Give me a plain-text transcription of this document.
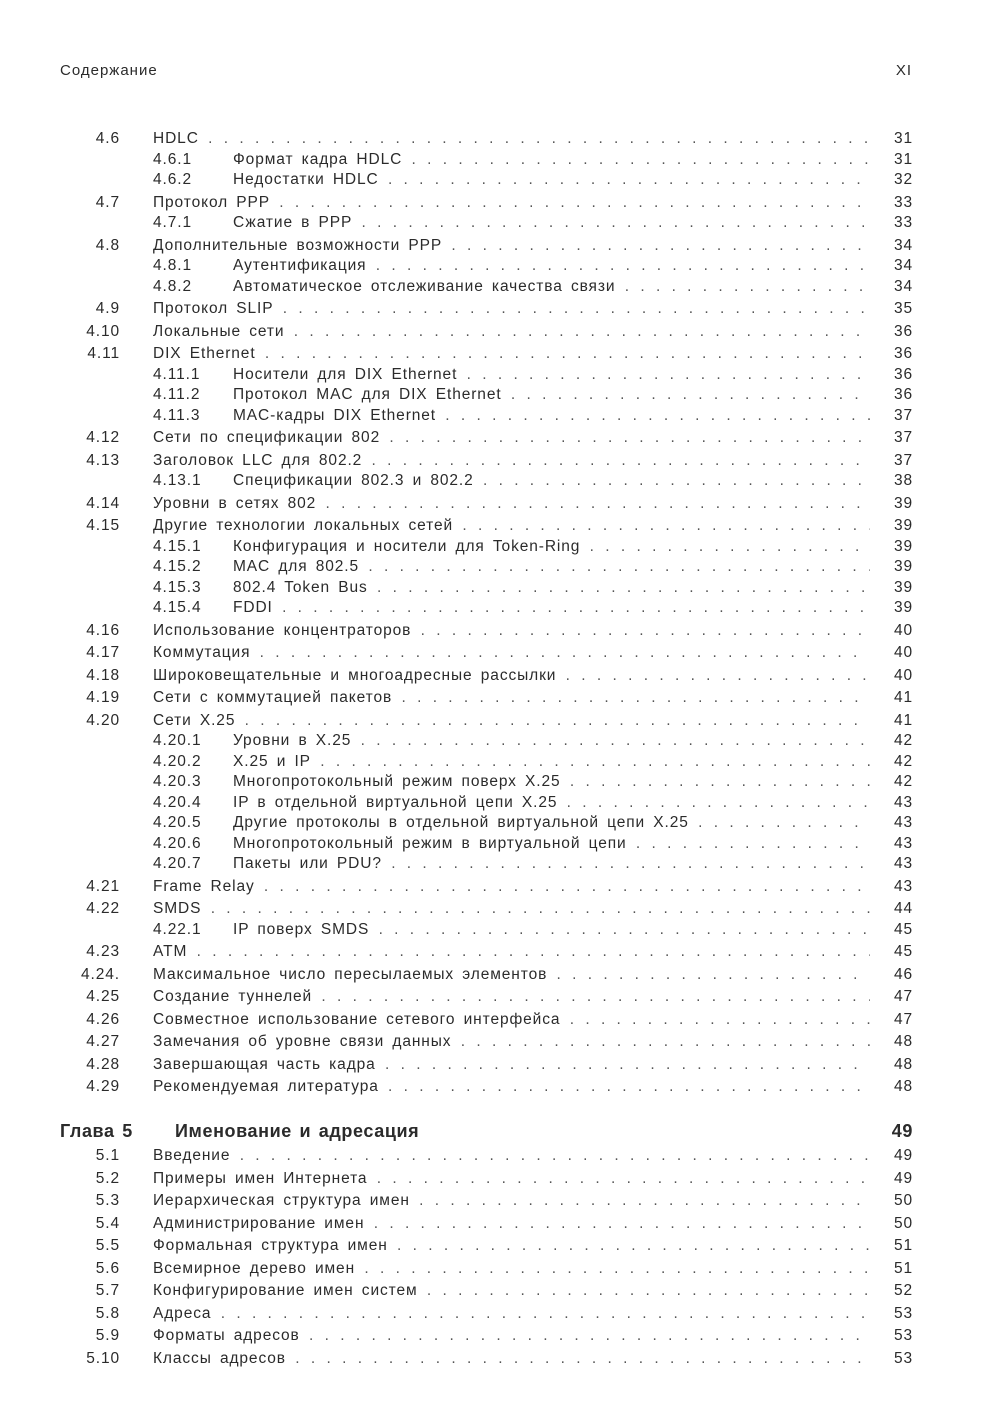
Содержание	XI
4.6 HDLC . .	31
4.6.1	Формат кадра HDLC . .	31
4.6.2	Недостатки HDLC . .	32
4.7 Протокол PPP . .	33
4.7.1	Сжатие в PPP . .	33
4.8 Дополнительные возможности PPP . .	34
4.8.1	Аутентификация . .	34
4.8.2	Автоматическое отслеживание качества связи . .	34
4.9 Протокол SLIP . .	35
4.10 Локальные сети . .	36
4.11 DIX Ethernet . .	36
4.11.1 Носители для DIX Ethernet . .	36
4.11.2 Протокол MAC для DIX Ethernet . .	36
4.11.3 MAC-кадры DIX Ethernet . .	37
4.12 Сети по спецификации 802 . .	37
4.13 Заголовок LLC для 802.2 . .	37
4.13.1 Спецификации 802.3 и 802.2 . .	38
4.14 Уровни в сетях 802 . .	39
4.15 Другие технологии локальных сетей . .	39
4.15.1 Конфигурация и носители для Token-Ring . .	39
4.15.2 MAC для 802.5 . .	39
4.15.3 802.4 Token Bus . .	39
4.15.4 FDDI . .	39
4.16 Использование концентраторов . .	40
4.17 Коммутация . .	40
4.18 Широковещательные и многоадресные рассылки . .	40
4.19 Сети с коммутацией пакетов . .	41
4.20 Сети X.25 . .	41
4.20.1 Уровни в X.25 . .	42
4.20.2 X.25 и IP . .	42
4.20.3 Многопротокольный режим поверх X.25 . .	42
4.20.4 IP в отдельной виртуальной цепи X.25 . .	43
4.20.5 Другие протоколы в отдельной виртуальной цепи X.25 . .	43
4.20.6 Многопротокольный режим в виртуальной цепи . .	43
4.20.7 Пакеты или PDU? . .	43
4.21 Frame Relay . .	43
4.22 SMDS . .	44
4.22.1 IP поверх SMDS . .	45
4.23 ATM . .	45
4.24. Максимальное число пересылаемых элементов . .	46
4.25 Создание туннелей . .	47
4.26 Совместное использование сетевого интерфейса . .	47
4.27 Замечания об уровне связи данных . .	48
4.28 Завершающая часть кадра . .	48
4.29 Рекомендуемая литература . .	48
Глава 5 Именование и адресация	49
5.1 Введение . .	49
5.2 Примеры имен Интернета . .	49
5.3 Иерархическая структура имен . .	50
5.4 Администрирование имен . .	50
5.5 Формальная структура имен . .	51
5.6 Всемирное дерево имен . .	51
5.7 Конфигурирование имен систем . .	52
5.8 Адреса . .	53
5.9 Форматы адресов . .	53
5.10 Классы адресов . .	53
